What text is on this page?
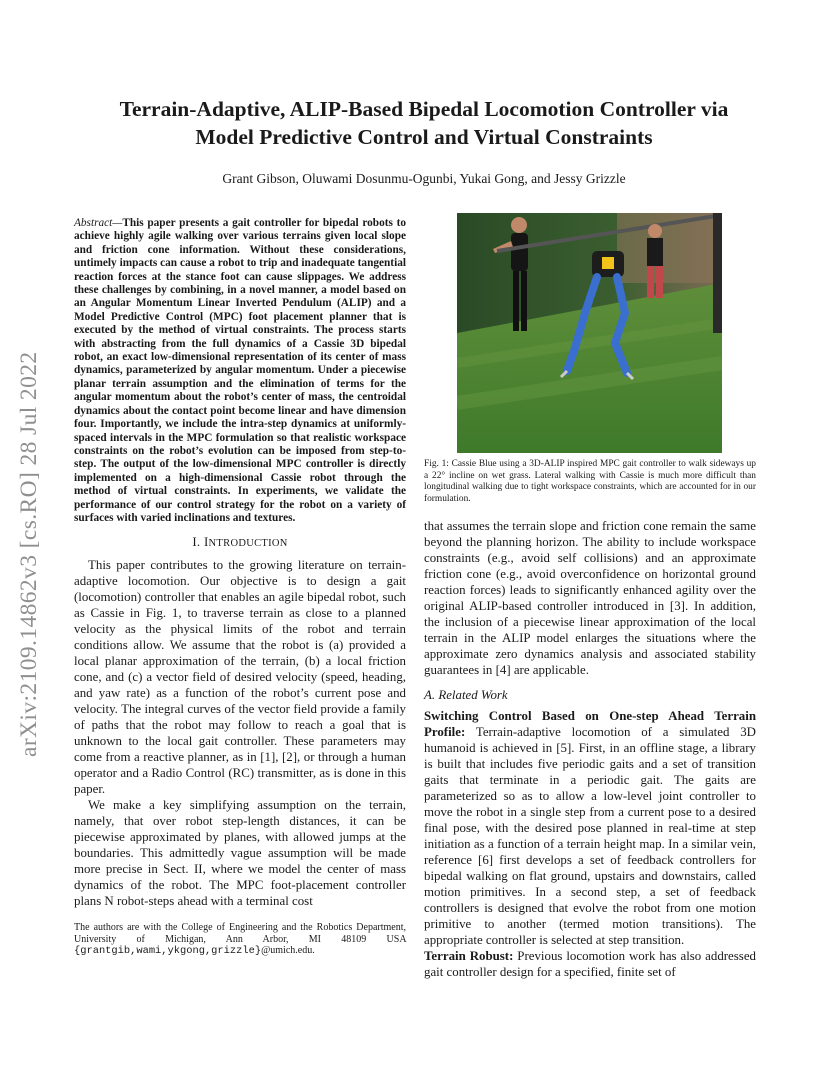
arXiv:2109.14862v3 [cs.RO] 28 Jul 2022
Terrain-Adaptive, ALIP-Based Bipedal Locomotion Controller via
Model Predictive Control and Virtual Constraints
Grant Gibson, Oluwami Dosunmu-Ogunbi, Yukai Gong, and Jessy Grizzle

Abstract—This paper presents a gait controller for bipedal robots to achieve highly agile walking over various terrains given local slope and friction cone information. Without these considerations, untimely impacts can cause a robot to trip and inadequate tangential reaction forces at the stance foot can cause slippages. We address these challenges by combining, in a novel manner, a model based on an Angular Momentum Linear Inverted Pendulum (ALIP) and a Model Predictive Control (MPC) foot placement planner that is executed by the method of virtual constraints. The process starts with abstracting from the full dynamics of a Cassie 3D bipedal robot, an exact low-dimensional representation of its center of mass dynamics, parameterized by angular momentum. Under a piecewise planar terrain assumption and the elimination of terms for the angular momentum about the robot’s center of mass, the centroidal dynamics about the contact point become linear and have dimension four. Importantly, we include the intra-step dynamics at uniformly-spaced intervals in the MPC formulation so that realistic workspace constraints on the robot’s evolution can be imposed from step-to-step. The output of the low-dimensional MPC controller is directly implemented on a high-dimensional Cassie robot through the method of virtual constraints. In experiments, we validate the performance of our control strategy for the robot on a variety of surfaces with varied inclinations and textures.

I. INTRODUCTION

This paper contributes to the growing literature on terrain-adaptive locomotion. Our objective is to design a gait (locomotion) controller that enables an agile bipedal robot, such as Cassie in Fig. 1, to traverse terrain as close to a planned velocity as the physical limits of the robot and terrain conditions allow. We assume that the robot is (a) provided a local planar approximation of the terrain, (b) a local friction cone, and (c) a vector field of desired velocity (speed, heading, and yaw rate) as a function of the robot’s current pose and velocity. The integral curves of the vector field provide a family of paths that the robot may follow to reach a goal that is unknown to the local gait controller. These parameters may come from a reactive planner, as in [1], [2], or through a human operator and a Radio Control (RC) transmitter, as is done in this paper.

We make a key simplifying assumption on the terrain, namely, that over robot step-length distances, it can be piecewise approximated by planes, with allowed jumps at the boundaries. This admittedly vague assumption will be made more precise in Sect. II, where we model the center of mass dynamics of the robot. The MPC foot-placement controller plans N robot-steps ahead with a terminal cost

The authors are with the College of Engineering and the Robotics Department, University of Michigan, Ann Arbor, MI 48109 USA {grantgib,wami,ykgong,grizzle}@umich.edu.

Fig. 1: Cassie Blue using a 3D-ALIP inspired MPC gait controller to walk sideways up a 22° incline on wet grass. Lateral walking with Cassie is much more difficult than longitudinal walking due to tight workspace constraints, which are accounted for in our formulation.

that assumes the terrain slope and friction cone remain the same beyond the planning horizon. The ability to include workspace constraints (e.g., avoid self collisions) and an approximate friction cone (e.g., avoid overconfidence on horizontal ground reaction forces) leads to significantly enhanced agility over the original ALIP-based controller introduced in [3]. In addition, the inclusion of a piecewise linear approximation of the local terrain in the ALIP model enlarges the situations where the approximate zero dynamics analysis and associated stability guarantees in [4] are applicable.

A. Related Work

Switching Control Based on One-step Ahead Terrain Profile: Terrain-adaptive locomotion of a simulated 3D humanoid is achieved in [5]. First, in an offline stage, a library is built that includes five periodic gaits and a set of transition gaits that terminate in a periodic gait. The gaits are parameterized so as to allow a low-level joint controller to move the robot in a single step from a current pose to a desired final pose, with the desired pose planned in real-time at step initiation as a function of a terrain height map. In a similar vein, reference [6] first develops a set of feedback controllers for bipedal walking on flat ground, upstairs and downstairs, called motion primitives. In a second step, a set of feedback controllers is designed that evolve the robot from one motion primitive to another (termed motion transitions). The appropriate controller is selected at step transition.

Terrain Robust: Previous locomotion work has also addressed gait controller design for a specified, finite set of
